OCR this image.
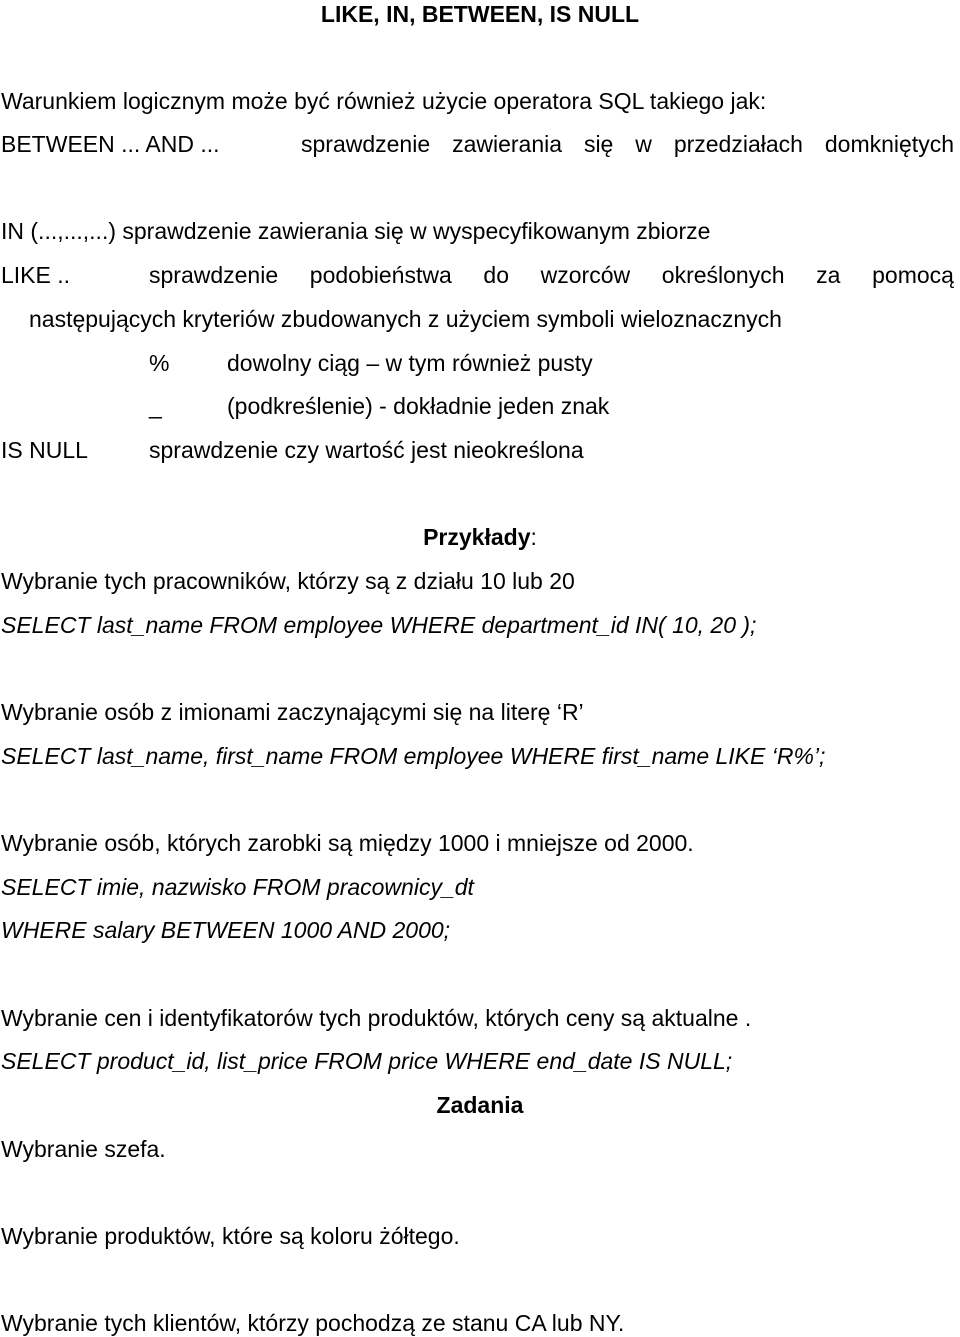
LIKE, IN, BETWEEN, IS NULL
Warunkiem logicznym może być również użycie operatora SQL takiego jak:
BETWEEN ... AND ...	sprawdzenie zawierania się w przedziałach domkniętych
IN (...,...,...) sprawdzenie zawierania się w wyspecyfikowanym zbiorze
LIKE ..	sprawdzenie podobieństwa do wzorców określonych za pomocą
następujących kryteriów zbudowanych z użyciem symboli wieloznacznych
%	dowolny ciąg – w tym również pusty
_	(podkreślenie) - dokładnie jeden znak
IS NULL	sprawdzenie czy wartość jest nieokreślona
Przykłady:
Wybranie tych pracowników, którzy są z działu 10 lub 20
SELECT last_name FROM employee WHERE department_id IN( 10, 20 );
Wybranie osób z imionami zaczynającymi się na literę ‘R’
SELECT last_name, first_name FROM employee WHERE first_name LIKE ‘R%’;
Wybranie osób, których zarobki są między 1000 i mniejsze od 2000.
SELECT imie, nazwisko FROM pracownicy_dt
WHERE salary BETWEEN 1000 AND 2000;
Wybranie cen i identyfikatorów tych produktów, których ceny są aktualne .
SELECT product_id, list_price FROM price WHERE end_date IS NULL;
Zadania
Wybranie szefa.
Wybranie produktów, które są koloru żółtego.
Wybranie tych klientów, którzy pochodzą ze stanu CA lub NY.
